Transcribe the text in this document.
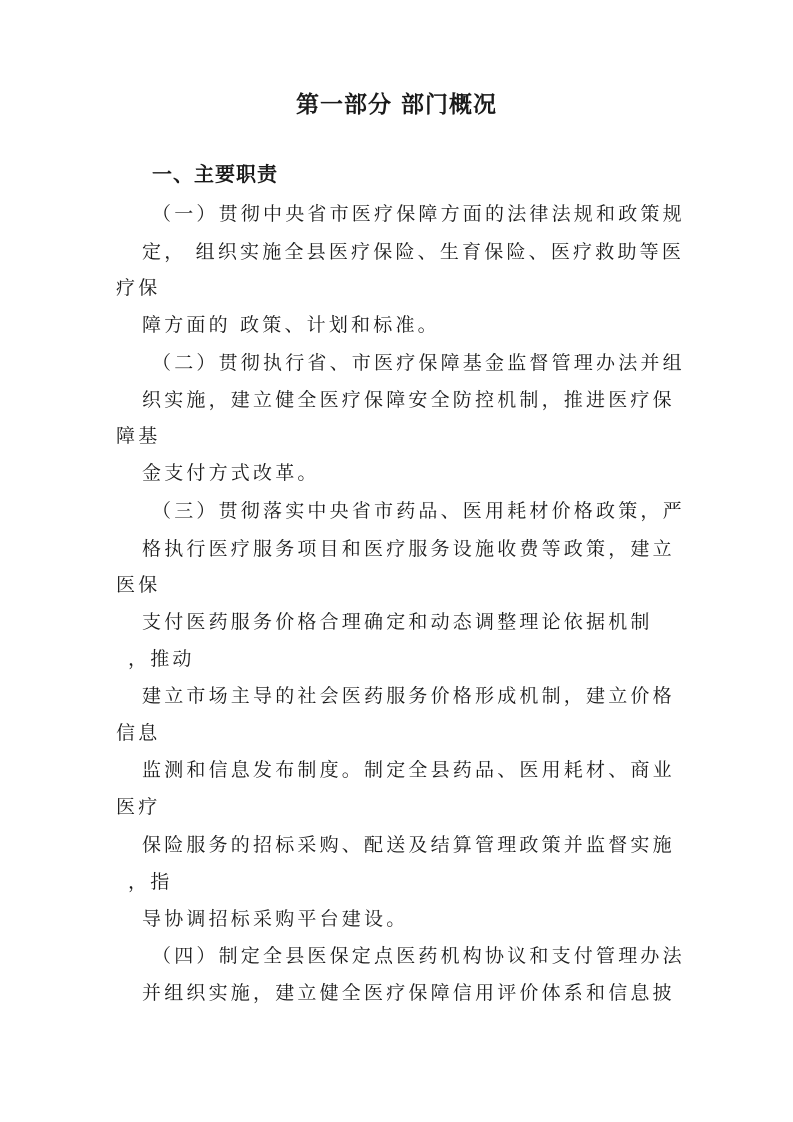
第一部分 部门概况
一、主要职责
（一）贯彻中央省市医疗保障方面的法律法规和政策规
定， 组织实施全县医疗保险、生育保险、医疗救助等医
疗保
障方面的 政策、计划和标准。
（二）贯彻执行省、市医疗保障基金监督管理办法并组
织实施，建立健全医疗保障安全防控机制，推进医疗保
障基
金支付方式改革。
（三）贯彻落实中央省市药品、医用耗材价格政策，严
格执行医疗服务项目和医疗服务设施收费等政策，建立
医保
支付医药服务价格合理确定和动态调整理论依据机制
，推动
建立市场主导的社会医药服务价格形成机制，建立价格
信息
监测和信息发布制度。制定全县药品、医用耗材、商业
医疗
保险服务的招标采购、配送及结算管理政策并监督实施
，指
导协调招标采购平台建设。
（四）制定全县医保定点医药机构协议和支付管理办法
并组织实施，建立健全医疗保障信用评价体系和信息披
